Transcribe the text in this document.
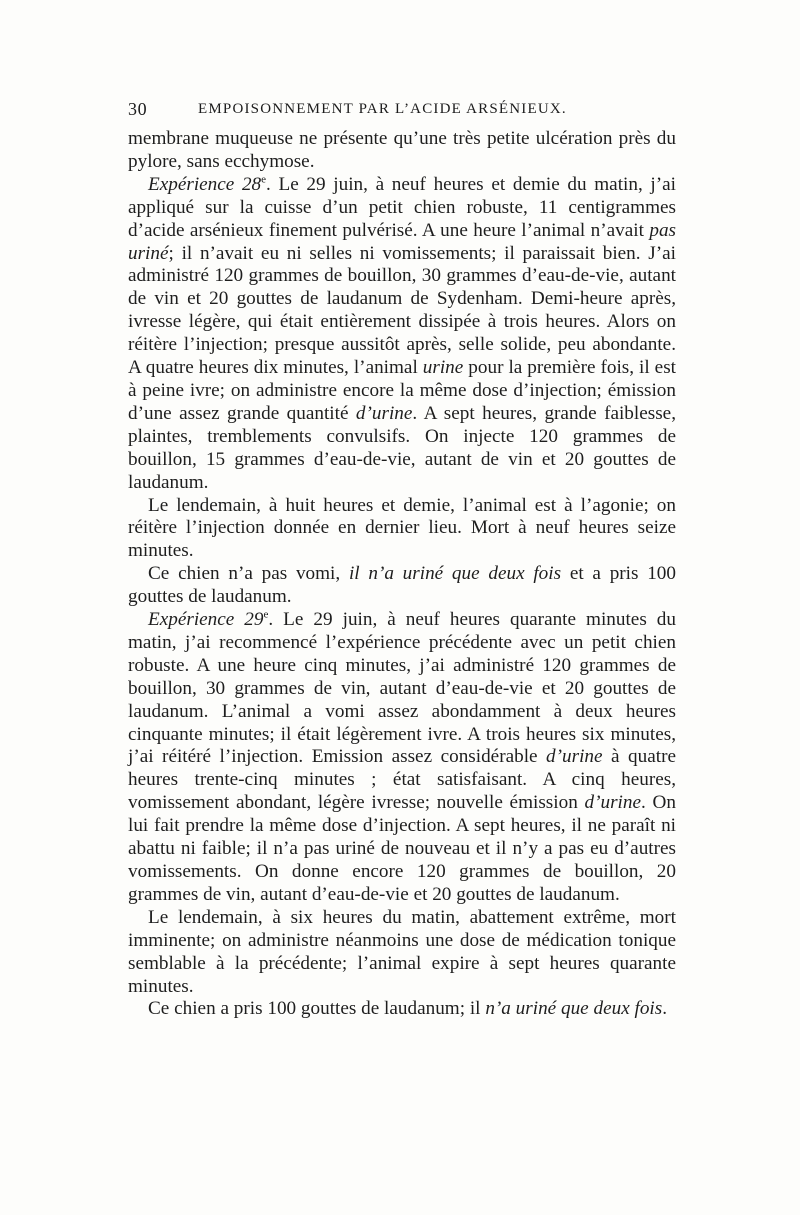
30	EMPOISONNEMENT PAR L’ACIDE ARSÉNIEUX.

membrane muqueuse ne présente qu’une très petite ulcération près du pylore, sans ecchymose.

Expérience 28e. Le 29 juin, à neuf heures et demie du matin, j’ai appliqué sur la cuisse d’un petit chien robuste, 11 centigrammes d’acide arsénieux finement pulvérisé. A une heure l’animal n’avait pas uriné; il n’avait eu ni selles ni vomissements; il paraissait bien. J’ai administré 120 grammes de bouillon, 30 grammes d’eau-de-vie, autant de vin et 20 gouttes de laudanum de Sydenham. Demi-heure après, ivresse légère, qui était entièrement dissipée à trois heures. Alors on réitère l’injection; presque aussitôt après, selle solide, peu abondante. A quatre heures dix minutes, l’animal urine pour la première fois, il est à peine ivre; on administre encore la même dose d’injection; émission d’une assez grande quantité d’urine. A sept heures, grande faiblesse, plaintes, tremblements convulsifs. On injecte 120 grammes de bouillon, 15 grammes d’eau-de-vie, autant de vin et 20 gouttes de laudanum.

Le lendemain, à huit heures et demie, l’animal est à l’agonie; on réitère l’injection donnée en dernier lieu. Mort à neuf heures seize minutes.

Ce chien n’a pas vomi, il n’a uriné que deux fois et a pris 100 gouttes de laudanum.

Expérience 29e. Le 29 juin, à neuf heures quarante minutes du matin, j’ai recommencé l’expérience précédente avec un petit chien robuste. A une heure cinq minutes, j’ai administré 120 grammes de bouillon, 30 grammes de vin, autant d’eau-de-vie et 20 gouttes de laudanum. L’animal a vomi assez abondamment à deux heures cinquante minutes; il était légèrement ivre. A trois heures six minutes, j’ai réitéré l’injection. Emission assez considérable d’urine à quatre heures trente-cinq minutes ; état satisfaisant. A cinq heures, vomissement abondant, légère ivresse; nouvelle émission d’urine. On lui fait prendre la même dose d’injection. A sept heures, il ne paraît ni abattu ni faible; il n’a pas uriné de nouveau et il n’y a pas eu d’autres vomissements. On donne encore 120 grammes de bouillon, 20 grammes de vin, autant d’eau-de-vie et 20 gouttes de laudanum.

Le lendemain, à six heures du matin, abattement extrême, mort imminente; on administre néanmoins une dose de médication tonique semblable à la précédente; l’animal expire à sept heures quarante minutes.

Ce chien a pris 100 gouttes de laudanum; il n’a uriné que deux fois.
